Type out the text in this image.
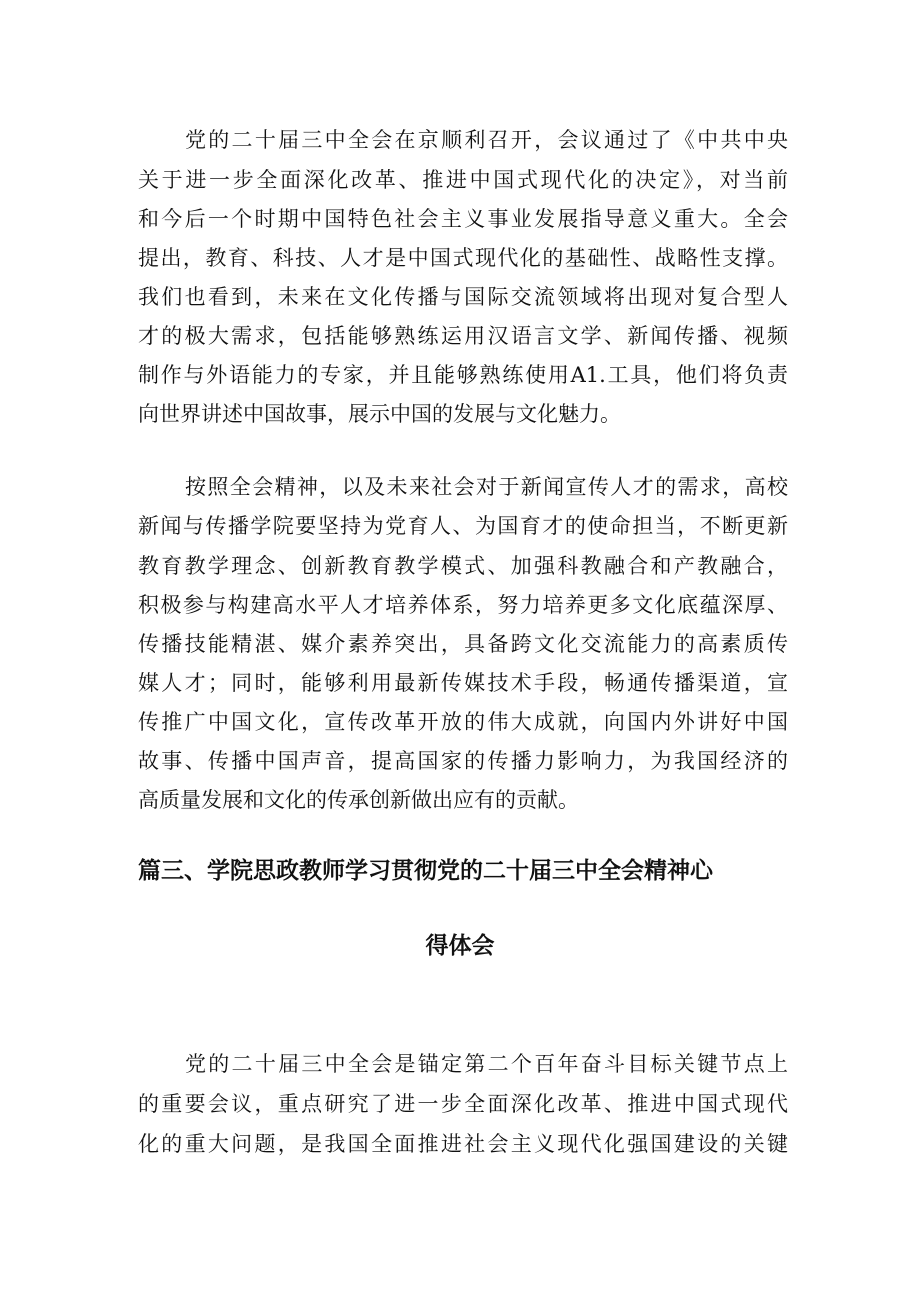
党的二十届三中全会在京顺利召开，会议通过了《中共中央

关于进一步全面深化改革、推进中国式现代化的决定》，对当前

和今后一个时期中国特色社会主义事业发展指导意义重大。全会

提出，教育、科技、人才是中国式现代化的基础性、战略性支撑。

我们也看到，未来在文化传播与国际交流领域将出现对复合型人

才的极大需求，包括能够熟练运用汉语言文学、新闻传播、视频

制作与外语能力的专家，并且能够熟练使用A1.工具，他们将负责

向世界讲述中国故事，展示中国的发展与文化魅力。

按照全会精神，以及未来社会对于新闻宣传人才的需求，高校

新闻与传播学院要坚持为党育人、为国育才的使命担当，不断更新

教育教学理念、创新教育教学模式、加强科教融合和产教融合，

积极参与构建高水平人才培养体系，努力培养更多文化底蕴深厚、

传播技能精湛、媒介素养突出，具备跨文化交流能力的高素质传

媒人才；同时，能够利用最新传媒技术手段，畅通传播渠道，宣

传推广中国文化，宣传改革开放的伟大成就，向国内外讲好中国

故事、传播中国声音，提高国家的传播力影响力，为我国经济的

高质量发展和文化的传承创新做出应有的贡献。

篇三、学院思政教师学习贯彻党的二十届三中全会精神心
得体会

党的二十届三中全会是锚定第二个百年奋斗目标关键节点上

的重要会议，重点研究了进一步全面深化改革、推进中国式现代

化的重大问题，是我国全面推进社会主义现代化强国建设的关键
